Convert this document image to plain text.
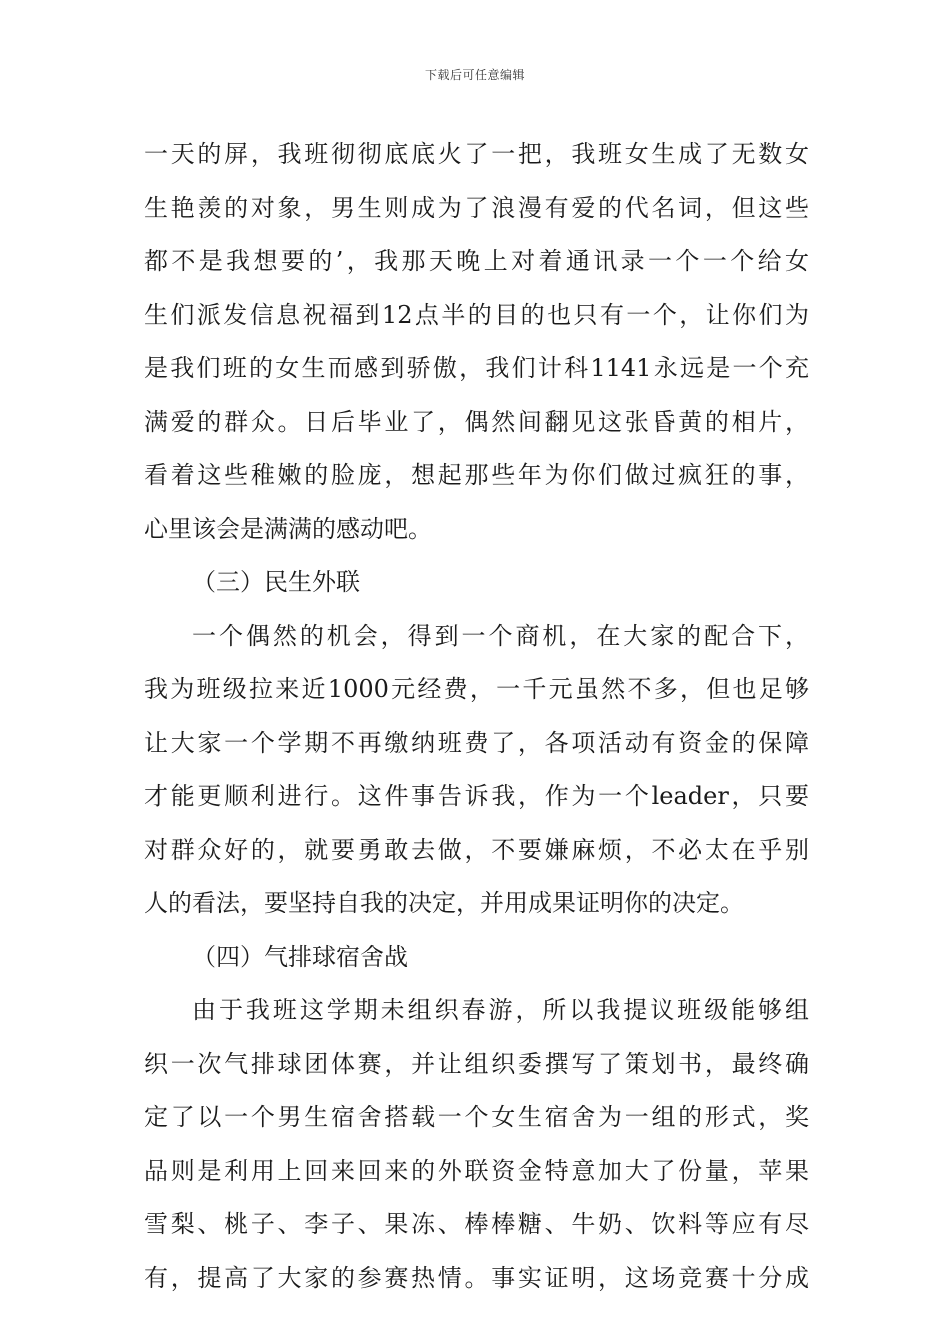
下载后可任意编辑
一天的屏，我班彻彻底底火了一把，我班女生成了无数女
生艳羡的对象，男生则成为了浪漫有爱的代名词，但这些
都不是我想要的’，我那天晚上对着通讯录一个一个给女
生们派发信息祝福到12点半的目的也只有一个，让你们为
是我们班的女生而感到骄傲，我们计科1141永远是一个充
满爱的群众。日后毕业了，偶然间翻见这张昏黄的相片，
看着这些稚嫩的脸庞，想起那些年为你们做过疯狂的事，
心里该会是满满的感动吧。
（三）民生外联
一个偶然的机会，得到一个商机，在大家的配合下，
我为班级拉来近1000元经费，一千元虽然不多，但也足够
让大家一个学期不再缴纳班费了，各项活动有资金的保障
才能更顺利进行。这件事告诉我，作为一个leader，只要
对群众好的，就要勇敢去做，不要嫌麻烦，不必太在乎别
人的看法，要坚持自我的决定，并用成果证明你的决定。
（四）气排球宿舍战
由于我班这学期未组织春游，所以我提议班级能够组
织一次气排球团体赛，并让组织委撰写了策划书，最终确
定了以一个男生宿舍搭载一个女生宿舍为一组的形式，奖
品则是利用上回来回来的外联资金特意加大了份量，苹果
雪梨、桃子、李子、果冻、棒棒糖、牛奶、饮料等应有尽
有，提高了大家的参赛热情。事实证明，这场竞赛十分成
